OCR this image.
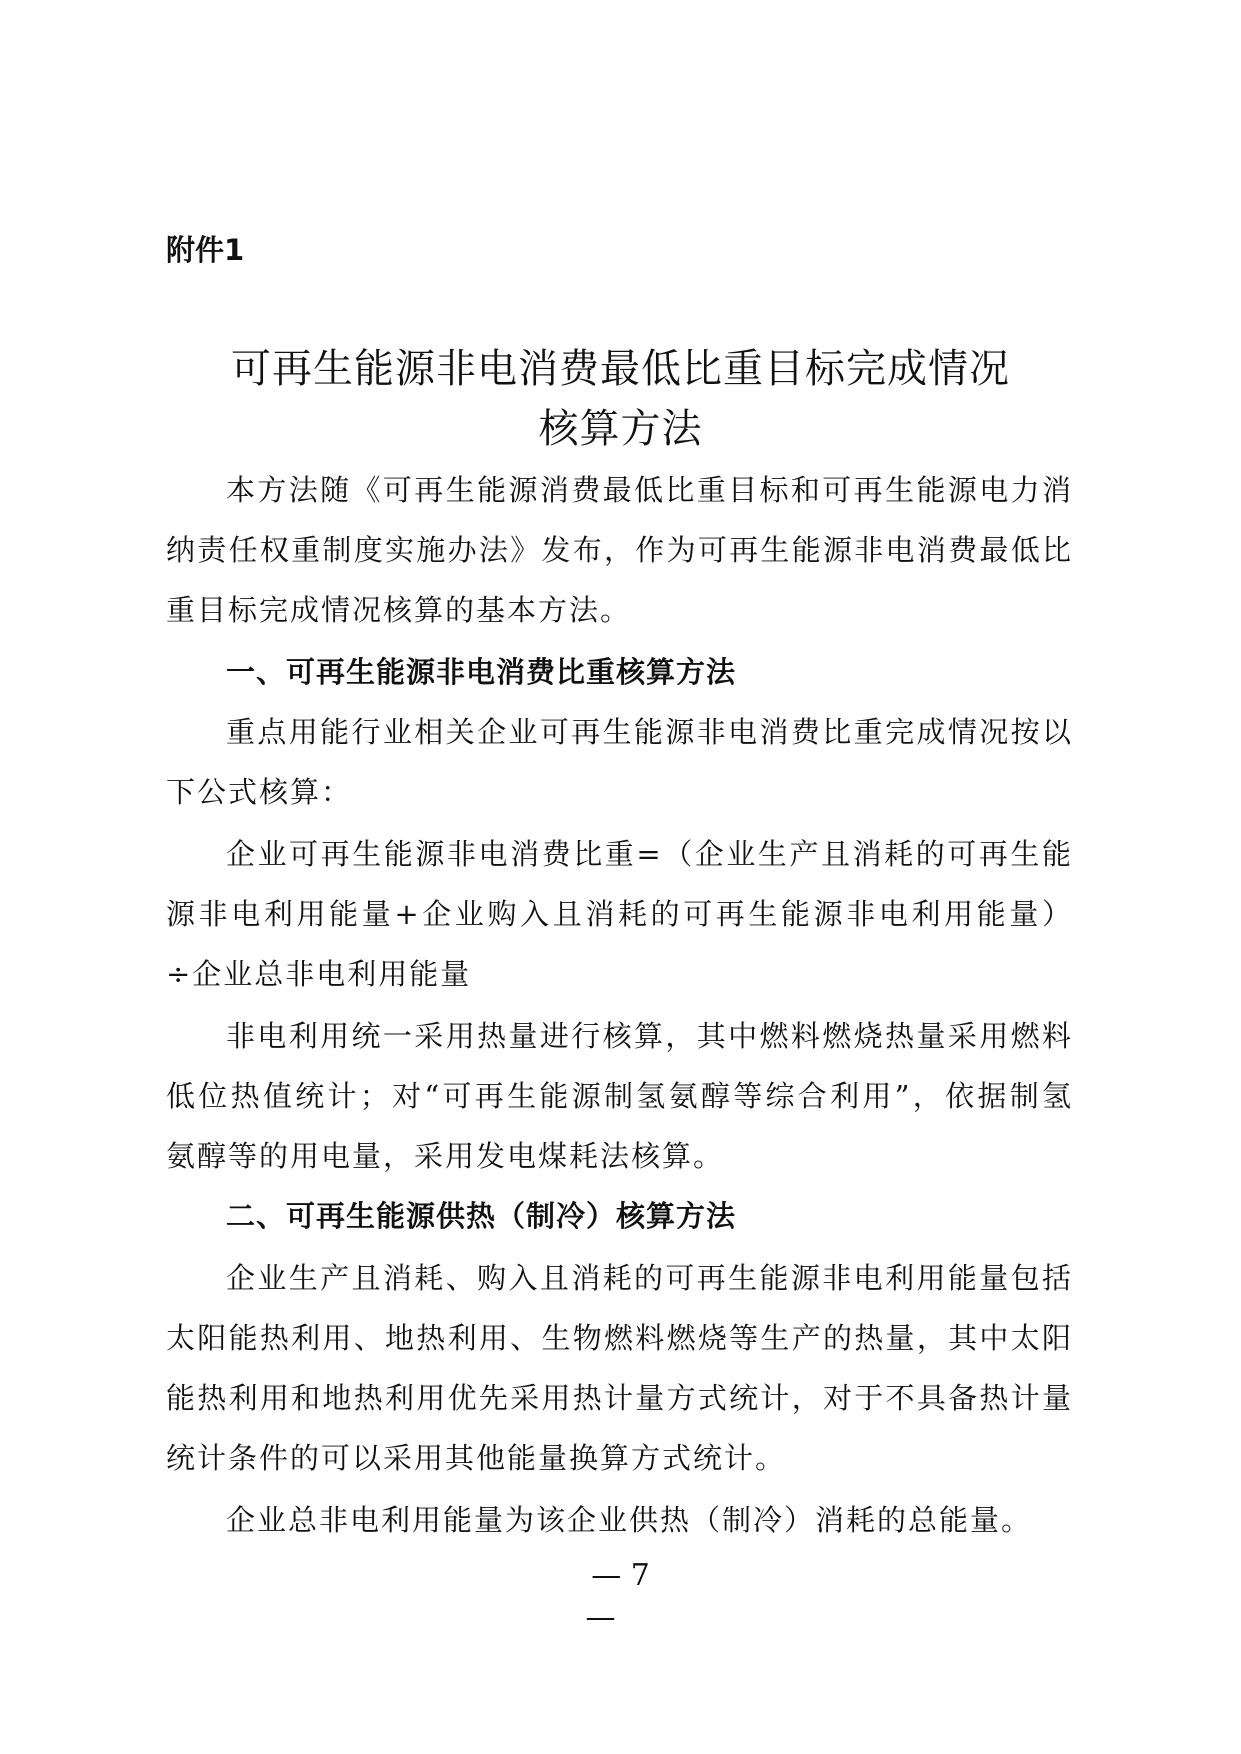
附件1
可再生能源非电消费最低比重目标完成情况
核算方法
本方法随《可再生能源消费最低比重目标和可再生能源电力消
纳责任权重制度实施办法》发布，作为可再生能源非电消费最低比
重目标完成情况核算的基本方法。
一、可再生能源非电消费比重核算方法
重点用能行业相关企业可再生能源非电消费比重完成情况按以
下公式核算：
企业可再生能源非电消费比重=（企业生产且消耗的可再生能
源非电利用能量+企业购入且消耗的可再生能源非电利用能量）
÷企业总非电利用能量
非电利用统一采用热量进行核算，其中燃料燃烧热量采用燃料
低位热值统计；对“可再生能源制氢氨醇等综合利用”，依据制氢
氨醇等的用电量，采用发电煤耗法核算。
二、可再生能源供热（制冷）核算方法
企业生产且消耗、购入且消耗的可再生能源非电利用能量包括
太阳能热利用、地热利用、生物燃料燃烧等生产的热量，其中太阳
能热利用和地热利用优先采用热计量方式统计，对于不具备热计量
统计条件的可以采用其他能量换算方式统计。
企业总非电利用能量为该企业供热（制冷）消耗的总能量。
— 7
—
